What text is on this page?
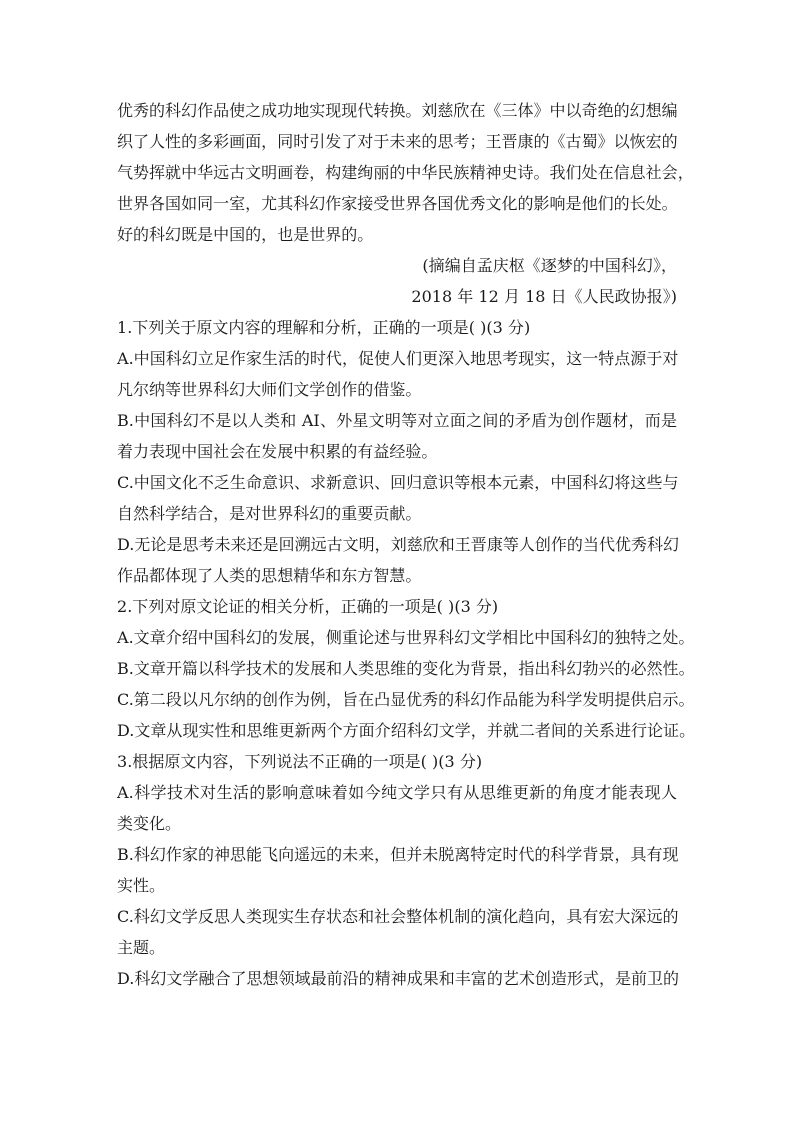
优秀的科幻作品使之成功地实现现代转换。刘慈欣在《三体》中以奇绝的幻想编
织了人性的多彩画面，同时引发了对于未来的思考；王晋康的《古蜀》以恢宏的
气势挥就中华远古文明画卷，构建绚丽的中华民族精神史诗。我们处在信息社会，
世界各国如同一室，尤其科幻作家接受世界各国优秀文化的影响是他们的长处。
好的科幻既是中国的，也是世界的。
(摘编自孟庆枢《逐梦的中国科幻》，
2018 年 12 月 18 日《人民政协报》)
1.下列关于原文内容的理解和分析，正确的一项是( )(3 分)
A.中国科幻立足作家生活的时代，促使人们更深入地思考现实，这一特点源于对
凡尔纳等世界科幻大师们文学创作的借鉴。
B.中国科幻不是以人类和 AI、外星文明等对立面之间的矛盾为创作题材，而是
着力表现中国社会在发展中积累的有益经验。
C.中国文化不乏生命意识、求新意识、回归意识等根本元素，中国科幻将这些与
自然科学结合，是对世界科幻的重要贡献。
D.无论是思考未来还是回溯远古文明，刘慈欣和王晋康等人创作的当代优秀科幻
作品都体现了人类的思想精华和东方智慧。
2.下列对原文论证的相关分析，正确的一项是( )(3 分)
A.文章介绍中国科幻的发展，侧重论述与世界科幻文学相比中国科幻的独特之处。
B.文章开篇以科学技术的发展和人类思维的变化为背景，指出科幻勃兴的必然性。
C.第二段以凡尔纳的创作为例，旨在凸显优秀的科幻作品能为科学发明提供启示。
D.文章从现实性和思维更新两个方面介绍科幻文学，并就二者间的关系进行论证。
3.根据原文内容，下列说法不正确的一项是( )(3 分)
A.科学技术对生活的影响意味着如今纯文学只有从思维更新的角度才能表现人
类变化。
B.科幻作家的神思能飞向遥远的未来，但并未脱离特定时代的科学背景，具有现
实性。
C.科幻文学反思人类现实生存状态和社会整体机制的演化趋向，具有宏大深远的
主题。
D.科幻文学融合了思想领域最前沿的精神成果和丰富的艺术创造形式，是前卫的
